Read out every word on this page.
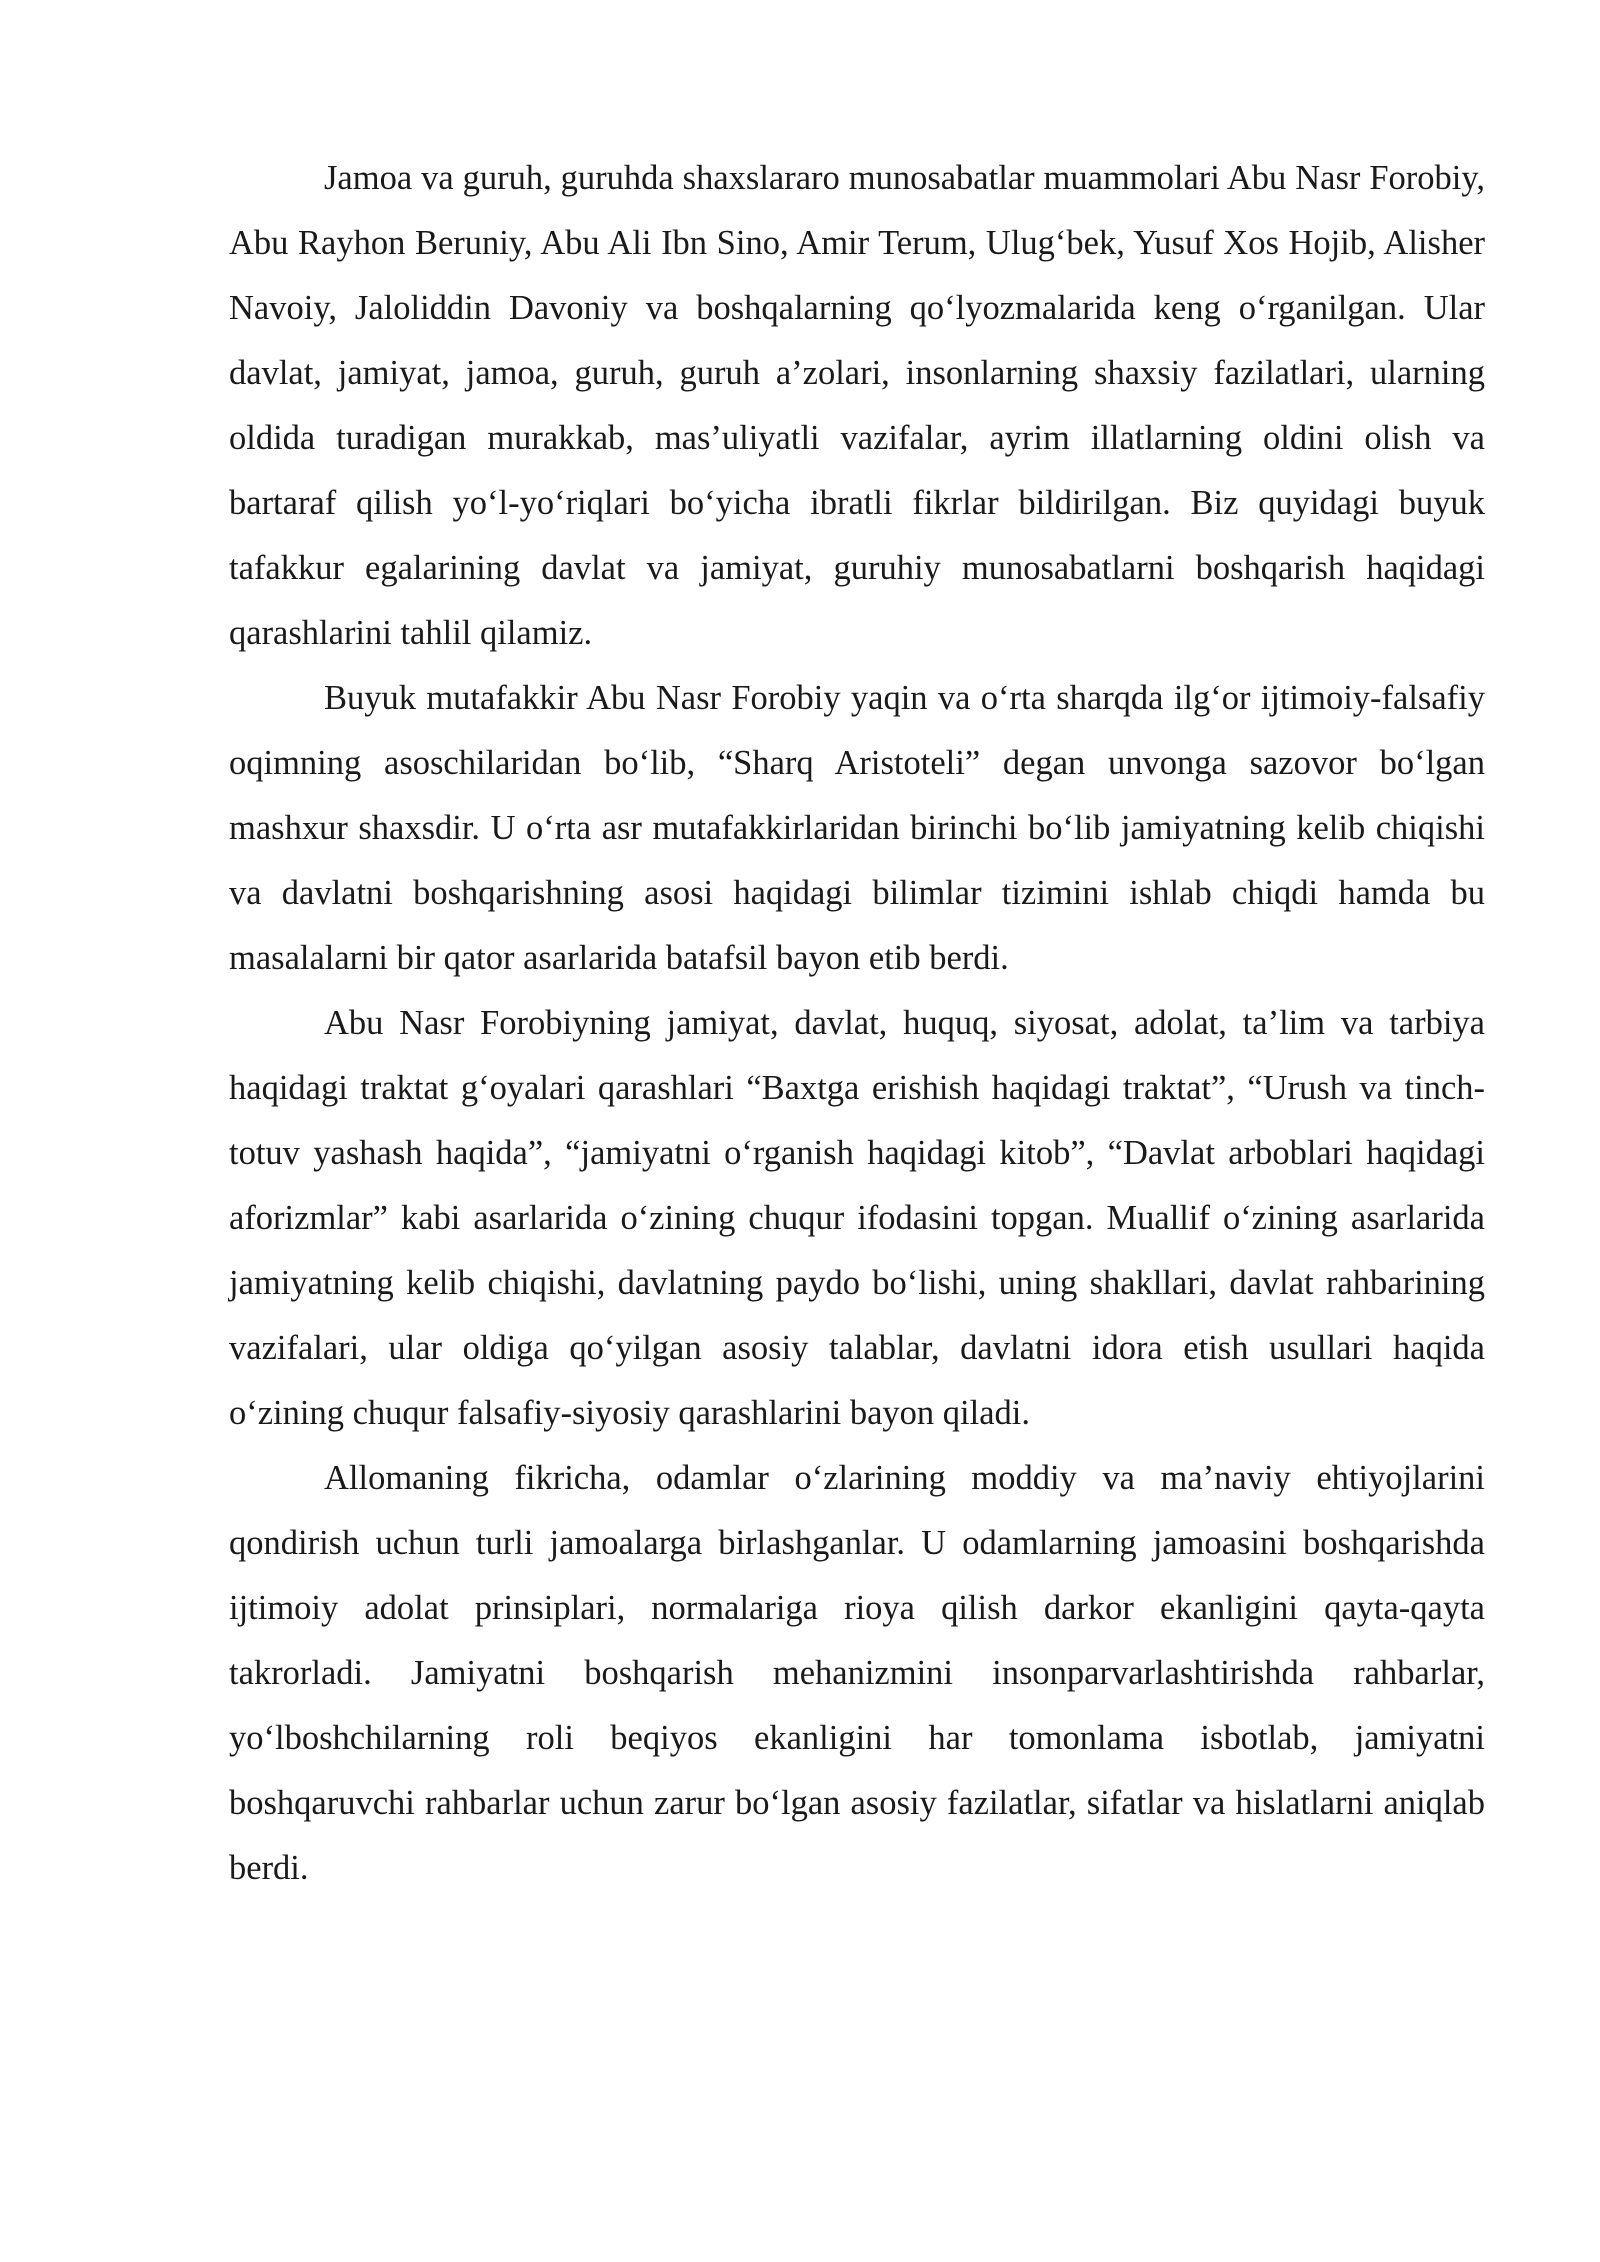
Jamoa va guruh, guruhda shaxslararo munosabatlar muammolari Abu Nasr Forobiy, Abu Rayhon Beruniy, Abu Ali Ibn Sino, Amir Terum, Ulug‘bek, Yusuf Xos Hojib, Alisher Navoiy, Jaloliddin Davoniy va boshqalarning qo‘lyozmalarida keng o‘rganilgan. Ular davlat, jamiyat, jamoa, guruh, guruh a’zolari, insonlarning shaxsiy fazilatlari, ularning oldida turadigan murakkab, mas’uliyatli vazifalar, ayrim illatlarning oldini olish va bartaraf qilish yo‘l-yo‘riqlari bo‘yicha ibratli fikrlar bildirilgan. Biz quyidagi buyuk tafakkur egalarining davlat va jamiyat, guruhiy munosabatlarni boshqarish haqidagi qarashlarini tahlil qilamiz.

Buyuk mutafakkir Abu Nasr Forobiy yaqin va o‘rta sharqda ilg‘or ijtimoiy-falsafiy oqimning asoschilaridan bo‘lib, “Sharq Aristoteli” degan unvonga sazovor bo‘lgan mashxur shaxsdir. U o‘rta asr mutafakkirlaridan birinchi bo‘lib jamiyatning kelib chiqishi va davlatni boshqarishning asosi haqidagi bilimlar tizimini ishlab chiqdi hamda bu masalalarni bir qator asarlarida batafsil bayon etib berdi.

Abu Nasr Forobiyning jamiyat, davlat, huquq, siyosat, adolat, ta’lim va tarbiya haqidagi traktat g‘oyalari qarashlari “Baxtga erishish haqidagi traktat”, “Urush va tinch-totuv yashash haqida”, “jamiyatni o‘rganish haqidagi kitob”, “Davlat arboblari haqidagi aforizmlar” kabi asarlarida o‘zining chuqur ifodasini topgan. Muallif o‘zining asarlarida jamiyatning kelib chiqishi, davlatning paydo bo‘lishi, uning shakllari, davlat rahbarining vazifalari, ular oldiga qo‘yilgan asosiy talablar, davlatni idora etish usullari haqida o‘zining chuqur falsafiy-siyosiy qarashlarini bayon qiladi.

Allomaning fikricha, odamlar o‘zlarining moddiy va ma’naviy ehtiyojlarini qondirish uchun turli jamoalarga birlashganlar. U odamlarning jamoasini boshqarishda ijtimoiy adolat prinsiplari, normalariga rioya qilish darkor ekanligini qayta-qayta takrorladi. Jamiyatni boshqarish mehanizmini insonparvarlashtirishda rahbarlar, yo‘lboshchilarning roli beqiyos ekanligini har tomonlama isbotlab, jamiyatni boshqaruvchi rahbarlar uchun zarur bo‘lgan asosiy fazilatlar, sifatlar va hislatlarni aniqlab berdi.
